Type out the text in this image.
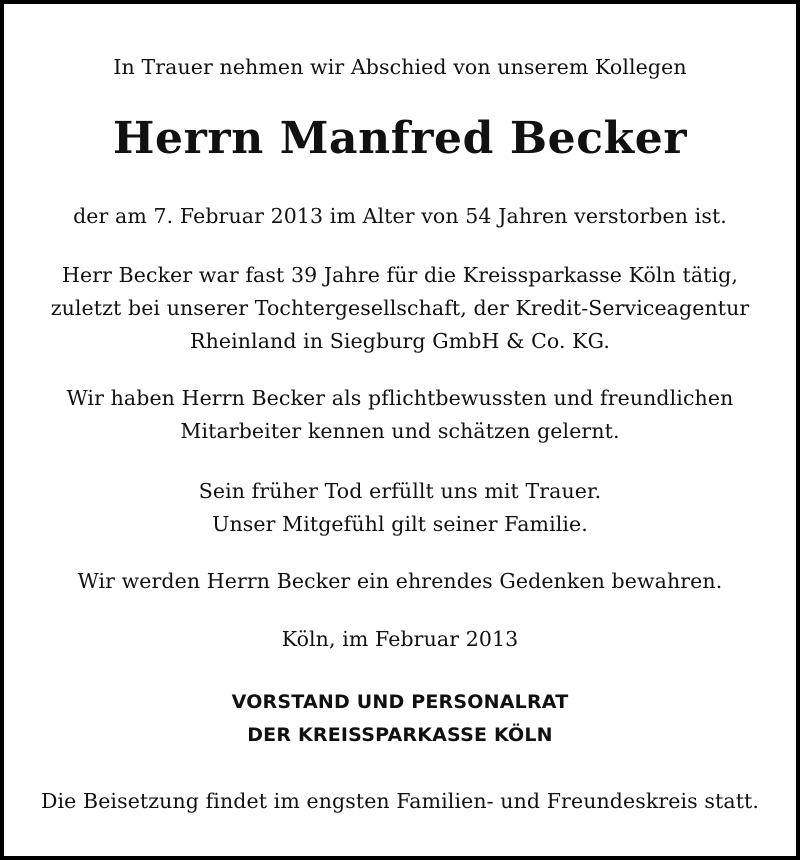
In Trauer nehmen wir Abschied von unserem Kollegen
Herrn Manfred Becker
der am 7. Februar 2013 im Alter von 54 Jahren verstorben ist.
Herr Becker war fast 39 Jahre für die Kreissparkasse Köln tätig,
zuletzt bei unserer Tochtergesellschaft, der Kredit-Serviceagentur
Rheinland in Siegburg GmbH & Co. KG.
Wir haben Herrn Becker als pflichtbewussten und freundlichen
Mitarbeiter kennen und schätzen gelernt.
Sein früher Tod erfüllt uns mit Trauer.
Unser Mitgefühl gilt seiner Familie.
Wir werden Herrn Becker ein ehrendes Gedenken bewahren.
Köln, im Februar 2013
VORSTAND UND PERSONALRAT
DER KREISSPARKASSE KÖLN
Die Beisetzung findet im engsten Familien- und Freundeskreis statt.
